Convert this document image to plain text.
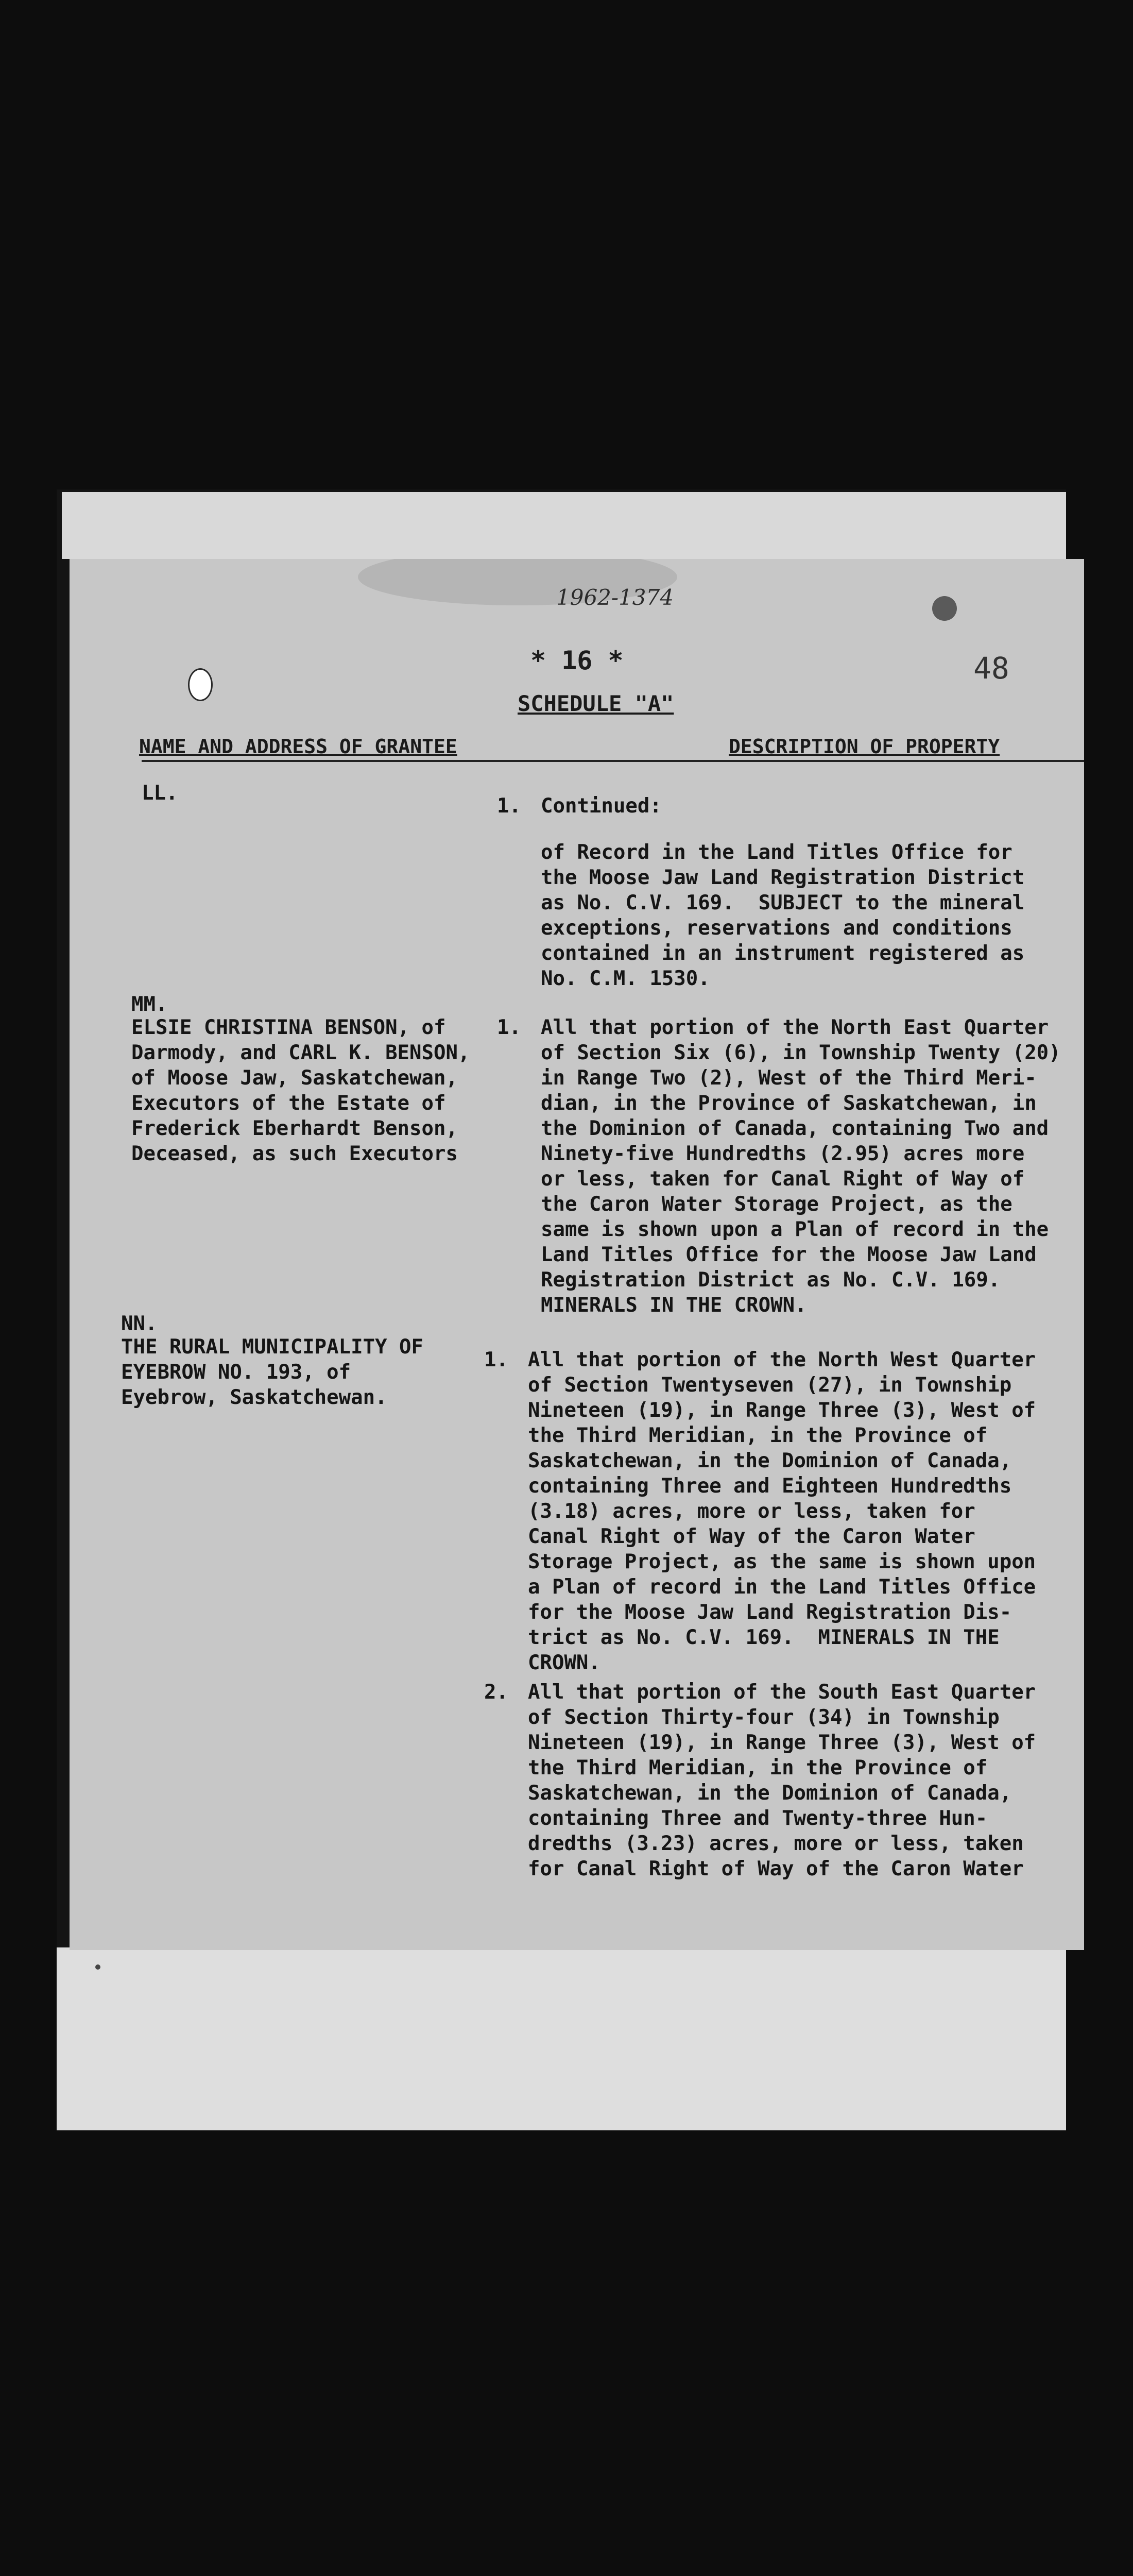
1962-1374
* 16 *	48
SCHEDULE "A"
NAME AND ADDRESS OF GRANTEE	DESCRIPTION OF PROPERTY
LL.
1. Continued:
of Record in the Land Titles Office for
the Moose Jaw Land Registration District
as No. C.V. 169.  SUBJECT to the mineral
exceptions, reservations and conditions
contained in an instrument registered as
No. C.M. 1530.
MM.
ELSIE CHRISTINA BENSON, of
Darmody, and CARL K. BENSON,
of Moose Jaw, Saskatchewan,
Executors of the Estate of
Frederick Eberhardt Benson,
Deceased, as such Executors
1. All that portion of the North East Quarter
of Section Six (6), in Township Twenty (20)
in Range Two (2), West of the Third Meri-
dian, in the Province of Saskatchewan, in
the Dominion of Canada, containing Two and
Ninety-five Hundredths (2.95) acres more
or less, taken for Canal Right of Way of
the Caron Water Storage Project, as the
same is shown upon a Plan of record in the
Land Titles Office for the Moose Jaw Land
Registration District as No. C.V. 169.
MINERALS IN THE CROWN.
NN.
THE RURAL MUNICIPALITY OF
EYEBROW NO. 193, of
Eyebrow, Saskatchewan.
1. All that portion of the North West Quarter
of Section Twentyseven (27), in Township
Nineteen (19), in Range Three (3), West of
the Third Meridian, in the Province of
Saskatchewan, in the Dominion of Canada,
containing Three and Eighteen Hundredths
(3.18) acres, more or less, taken for
Canal Right of Way of the Caron Water
Storage Project, as the same is shown upon
a Plan of record in the Land Titles Office
for the Moose Jaw Land Registration Dis-
trict as No. C.V. 169.  MINERALS IN THE
CROWN.
2. All that portion of the South East Quarter
of Section Thirty-four (34) in Township
Nineteen (19), in Range Three (3), West of
the Third Meridian, in the Province of
Saskatchewan, in the Dominion of Canada,
containing Three and Twenty-three Hun-
dredths (3.23) acres, more or less, taken
for Canal Right of Way of the Caron Water
